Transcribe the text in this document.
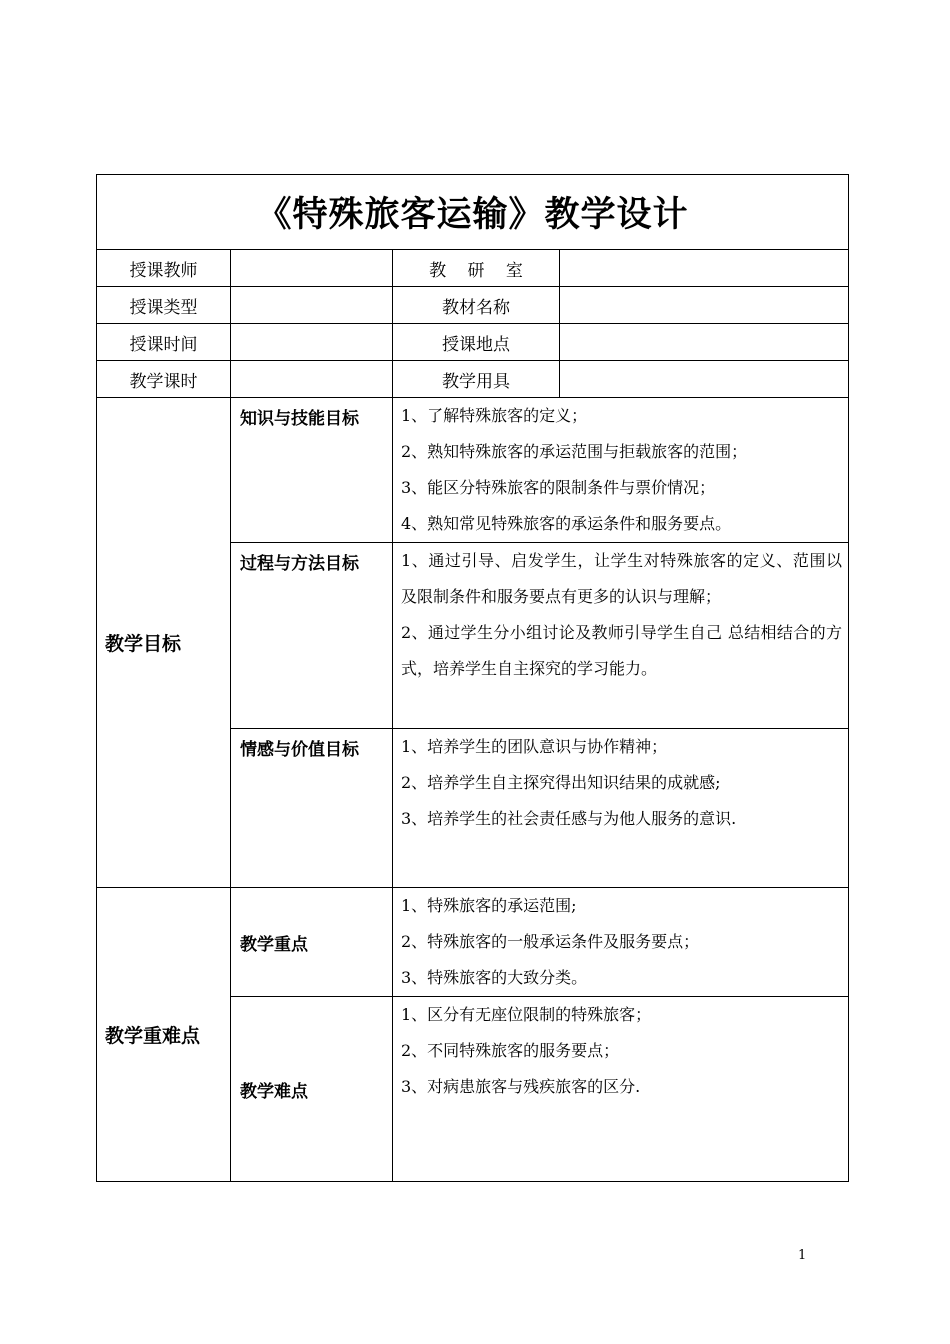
《特殊旅客运输》教学设计			
授课教师		教 研 室	
授课类型		教材名称	
授课时间		授课地点	
教学课时		教学用具	
教学目标	知识与技能目标	1、了解特殊旅客的定义；
2、熟知特殊旅客的承运范围与拒载旅客的范围；
3、能区分特殊旅客的限制条件与票价情况；
4、熟知常见特殊旅客的承运条件和服务要点。	

	过程与方法目标	1、通过引导、启发学生，让学生对特殊旅客的定义、范围以及限制条件和服务要点有更多的认识与理解；
2、通过学生分小组讨论及教师引导学生自己 总结相结合的方式，培养学生自主探究的学习能力。	

	情感与价值目标	1、培养学生的团队意识与协作精神；
2、培养学生自主探究得出知识结果的成就感;
3、培养学生的社会责任感与为他人服务的意识.	

教学重难点	教学重点	1、特殊旅客的承运范围;
2、特殊旅客的一般承运条件及服务要点；
3、特殊旅客的大致分类。	

	教学难点	1、区分有无座位限制的特殊旅客；
2、不同特殊旅客的服务要点；
3、对病患旅客与残疾旅客的区分.	
1
